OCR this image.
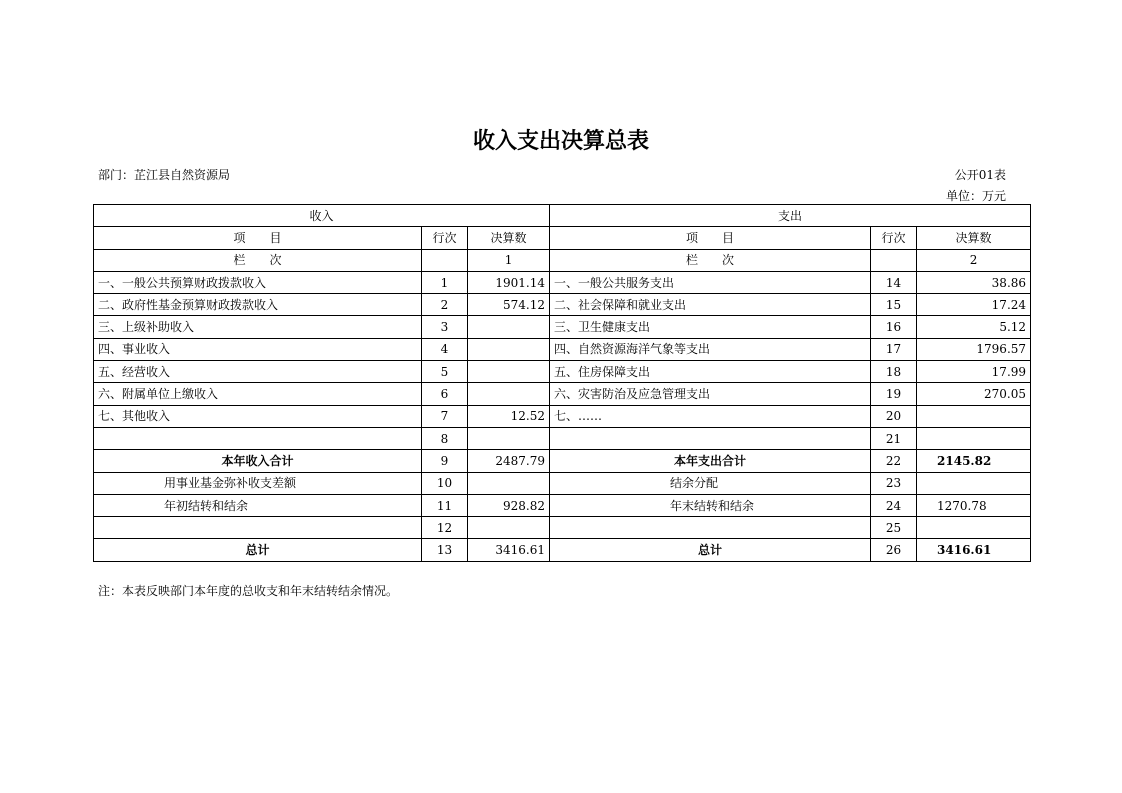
收入支出决算总表
部门：芷江县自然资源局	公开01表
单位：万元
收入			支出		
项　　目	行次	决算数	项　　目	行次	决算数
栏　　次		1	栏　　次		2
一、一般公共预算财政拨款收入	1	1901.14	一、一般公共服务支出	14	38.86
二、政府性基金预算财政拨款收入	2	574.12	二、社会保障和就业支出	15	17.24
三、上级补助收入	3		三、卫生健康支出	16	5.12
四、事业收入	4		四、自然资源海洋气象等支出	17	1796.57
五、经营收入	5		五、住房保障支出	18	17.99
六、附属单位上缴收入	6		六、灾害防治及应急管理支出	19	270.05
七、其他收入	7	12.52	七、……	20	
	8			21	
本年收入合计	9	2487.79	本年支出合计	22	2145.82
用事业基金弥补收支差额	10		结余分配	23	
年初结转和结余	11	928.82	年末结转和结余	24	1270.78
	12			25	
总计	13	3416.61	总计	26	3416.61
注：本表反映部门本年度的总收支和年末结转结余情况。
